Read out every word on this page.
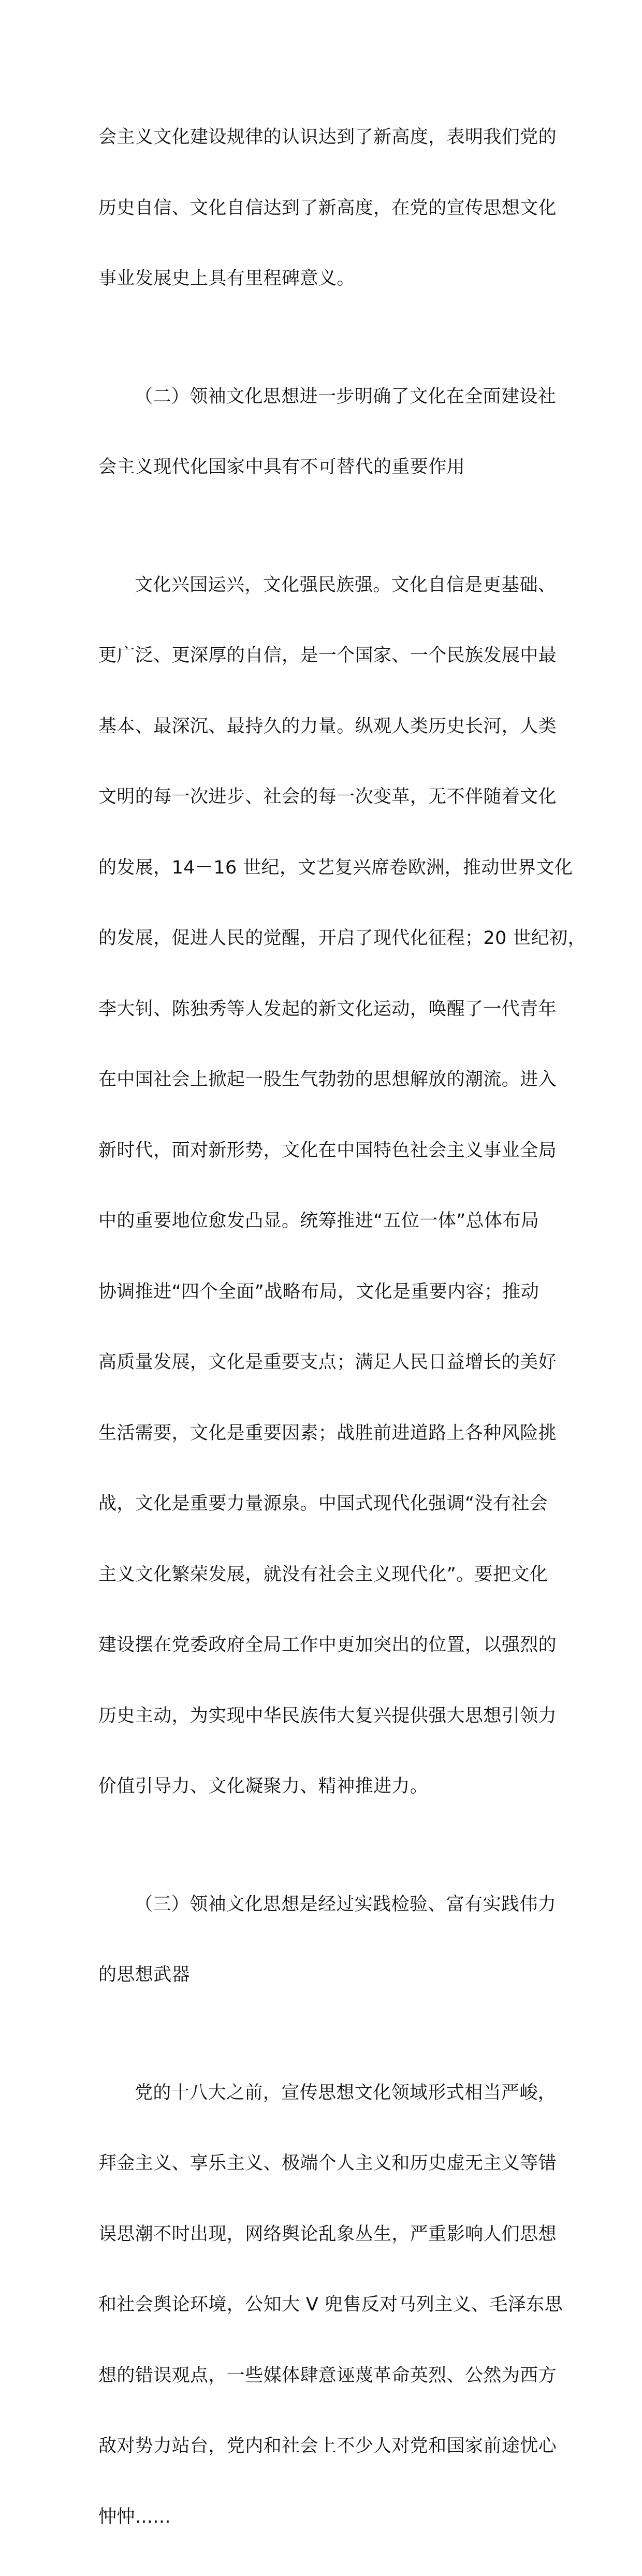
会主义文化建设规律的认识达到了新高度，表明我们党的

历史自信、文化自信达到了新高度，在党的宣传思想文化

事业发展史上具有里程碑意义。

（二）领袖文化思想进一步明确了文化在全面建设社

会主义现代化国家中具有不可替代的重要作用

文化兴国运兴，文化强民族强。文化自信是更基础、

更广泛、更深厚的自信，是一个国家、一个民族发展中最

基本、最深沉、最持久的力量。纵观人类历史长河，人类

文明的每一次进步、社会的每一次变革，无不伴随着文化

的发展，14－16 世纪，文艺复兴席卷欧洲，推动世界文化

的发展，促进人民的觉醒，开启了现代化征程；20 世纪初，

李大钊、陈独秀等人发起的新文化运动，唤醒了一代青年

在中国社会上掀起一股生气勃勃的思想解放的潮流。进入

新时代，面对新形势，文化在中国特色社会主义事业全局

中的重要地位愈发凸显。统筹推进“五位一体”总体布局

协调推进“四个全面”战略布局，文化是重要内容；推动

高质量发展，文化是重要支点；满足人民日益增长的美好

生活需要，文化是重要因素；战胜前进道路上各种风险挑

战，文化是重要力量源泉。中国式现代化强调“没有社会

主义文化繁荣发展，就没有社会主义现代化”。要把文化

建设摆在党委政府全局工作中更加突出的位置，以强烈的

历史主动，为实现中华民族伟大复兴提供强大思想引领力

价值引导力、文化凝聚力、精神推进力。

（三）领袖文化思想是经过实践检验、富有实践伟力

的思想武器

党的十八大之前，宣传思想文化领域形式相当严峻，

拜金主义、享乐主义、极端个人主义和历史虚无主义等错

误思潮不时出现，网络舆论乱象丛生，严重影响人们思想

和社会舆论环境，公知大 V 兜售反对马列主义、毛泽东思

想的错误观点，一些媒体肆意诬蔑革命英烈、公然为西方

敌对势力站台，党内和社会上不少人对党和国家前途忧心

忡忡......
